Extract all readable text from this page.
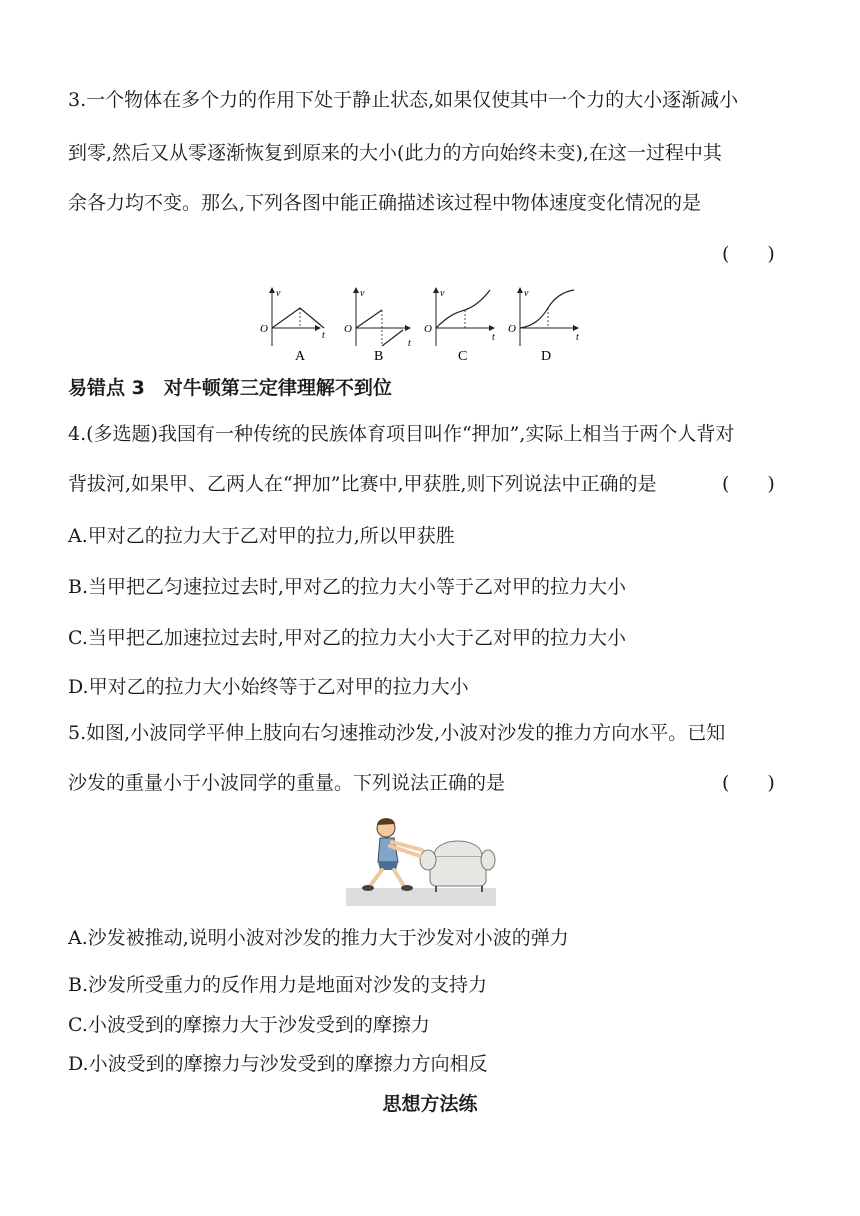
3.一个物体在多个力的作用下处于静止状态,如果仅使其中一个力的大小逐渐减小
到零,然后又从零逐渐恢复到原来的大小(此力的方向始终未变),在这一过程中其
余各力均不变。那么,下列各图中能正确描述该过程中物体速度变化情况的是
(　　)
v
O
t
A
v
O
t
B
v
O
t
C
v
O
t
D
易错点 3　对牛顿第三定律理解不到位
4.(多选题)我国有一种传统的民族体育项目叫作“押加”,实际上相当于两个人背对
背拔河,如果甲、乙两人在“押加”比赛中,甲获胜,则下列说法中正确的是	(　　)
A.甲对乙的拉力大于乙对甲的拉力,所以甲获胜
B.当甲把乙匀速拉过去时,甲对乙的拉力大小等于乙对甲的拉力大小
C.当甲把乙加速拉过去时,甲对乙的拉力大小大于乙对甲的拉力大小
D.甲对乙的拉力大小始终等于乙对甲的拉力大小
5.如图,小波同学平伸上肢向右匀速推动沙发,小波对沙发的推力方向水平。已知
沙发的重量小于小波同学的重量。下列说法正确的是	(　　)
A.沙发被推动,说明小波对沙发的推力大于沙发对小波的弹力
B.沙发所受重力的反作用力是地面对沙发的支持力
C.小波受到的摩擦力大于沙发受到的摩擦力
D.小波受到的摩擦力与沙发受到的摩擦力方向相反
思想方法练
